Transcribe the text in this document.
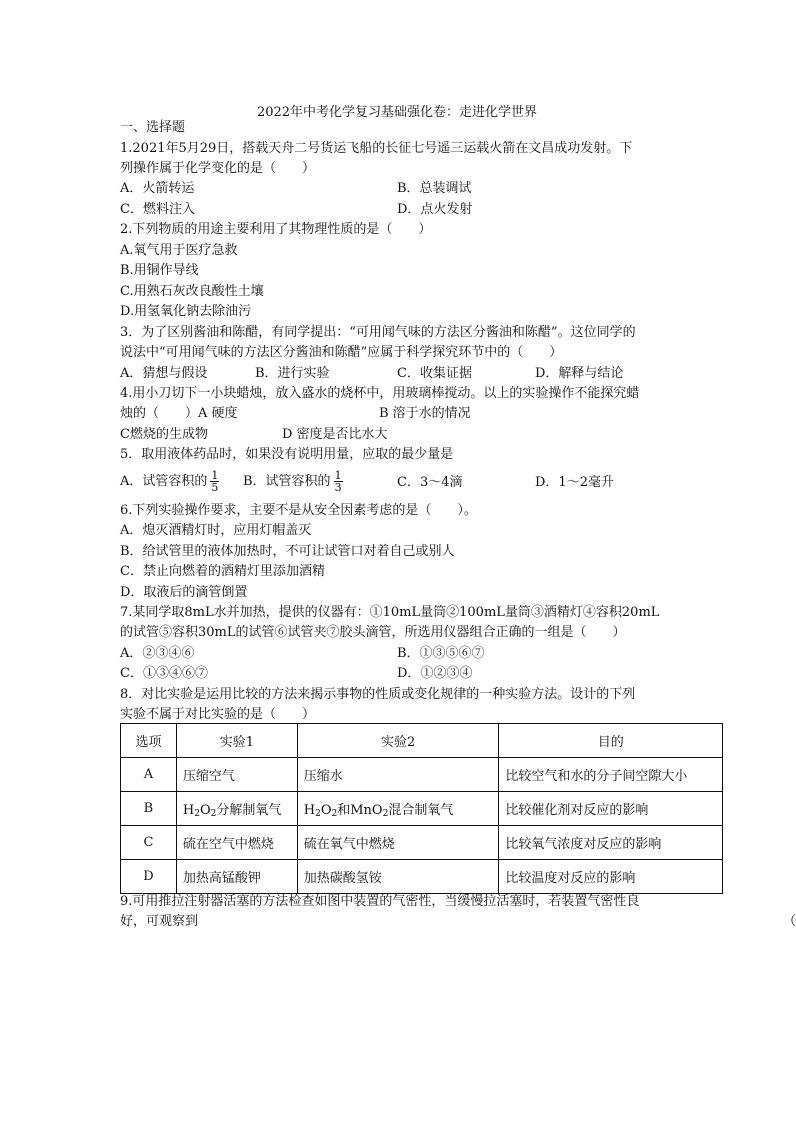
2022年中考化学复习基础强化卷：走进化学世界
一、选择题
1.2021年5月29日，搭载天舟二号货运飞船的长征七号遥三运载火箭在文昌成功发射。下
列操作属于化学变化的是（　　）
A．火箭转运	B．总装调试
C．燃料注入	D．点火发射
2.下列物质的用途主要利用了其物理性质的是（　　）
A.氧气用于医疗急救
B.用铜作导线
C.用熟石灰改良酸性土壤
D.用氢氧化钠去除油污
3．为了区别酱油和陈醋，有同学提出：“可用闻气味的方法区分酱油和陈醋”。这位同学的
说法中“可用闻气味的方法区分酱油和陈醋”应属于科学探究环节中的（　　）
A．猜想与假设	B．进行实验	C．收集证据	D．解释与结论
4.用小刀切下一小块蜡烛，放入盛水的烧杯中，用玻璃棒搅动。以上的实验操作不能探究蜡
烛的（　　）A 硬度	B 溶于水的情况
C燃烧的生成物	D 密度是否比水大
5．取用液体药品时，如果没有说明用量，应取的最少量是
A．试管容积的 $\frac{1}{5}$ B．试管容积的 $\frac{1}{3}$	C．3～4滴	D．1～2毫升
6.下列实验操作要求，主要不是从安全因素考虑的是（　　）。
A．熄灭酒精灯时，应用灯帽盖灭
B．给试管里的液体加热时，不可让试管口对着自己或别人
C．禁止向燃着的酒精灯里添加酒精
D．取液后的滴管倒置
7.某同学取8mL水并加热，提供的仪器有：①10mL量筒②100mL量筒③酒精灯④容积20mL
的试管⑤容积30mL的试管⑥试管夹⑦胶头滴管，所选用仪器组合正确的一组是（　　）
A．②③④⑥	B．①③⑤⑥⑦
C．①③④⑥⑦	D．①②③④
8．对比实验是运用比较的方法来揭示事物的性质或变化规律的一种实验方法。设计的下列
实验不属于对比实验的是（　　）
选项	实验1	实验2	目的
A	压缩空气	压缩水	比较空气和水的分子间空隙大小
B	$H_2O_2$分解制氧气	$H_2O_2$和MnO$_2$混合制氧气	比较催化剂对反应的影响
C	硫在空气中燃烧	硫在氧气中燃烧	比较氧气浓度对反应的影响
D	加热高锰酸钾	加热碳酸氢铵	比较温度对反应的影响
9.可用推拉注射器活塞的方法检查如图中装置的气密性，当缓慢拉活塞时，若装置气密性良
好，可观察到	（
